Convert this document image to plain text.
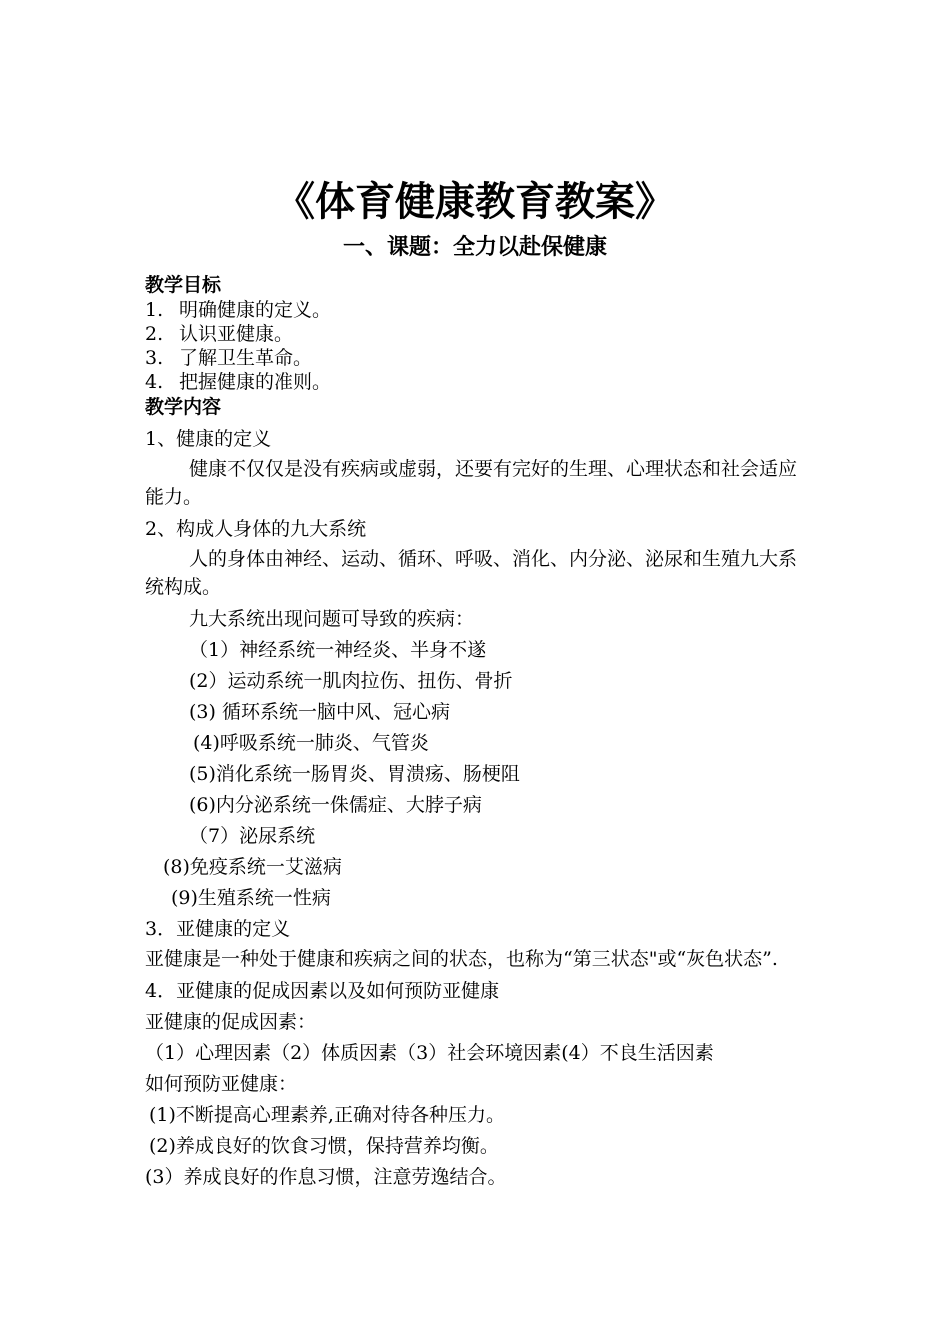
《体育健康教育教案》
一、课题：全力以赴保健康

教学目标

1. 明确健康的定义。

2. 认识亚健康。

3. 了解卫生革命。

4. 把握健康的准则。

教学内容

1、健康的定义

健康不仅仅是没有疾病或虚弱，还要有完好的生理、心理状态和社会适应能力。

2、构成人身体的九大系统

人的身体由神经、运动、循环、呼吸、消化、内分泌、泌尿和生殖九大系统构成。

九大系统出现问题可导致的疾病：

（1）神经系统一神经炎、半身不遂

(2）运动系统一肌肉拉伤、扭伤、骨折

(3) 循环系统一脑中风、冠心病

(4)呼吸系统一肺炎、气管炎

(5)消化系统一肠胃炎、胃溃疡、肠梗阻

(6)内分泌系统一侏儒症、大脖子病

（7）泌尿系统

(8)免疫系统一艾滋病

(9)生殖系统一性病

3．亚健康的定义

亚健康是一种处于健康和疾病之间的状态，也称为“第三状态"或“灰色状态”.

4．亚健康的促成因素以及如何预防亚健康

亚健康的促成因素：

（1）心理因素（2）体质因素（3）社会环境因素(4）不良生活因素

如何预防亚健康：

(1)不断提高心理素养,正确对待各种压力。

(2)养成良好的饮食习惯，保持营养均衡。

(3）养成良好的作息习惯，注意劳逸结合。
